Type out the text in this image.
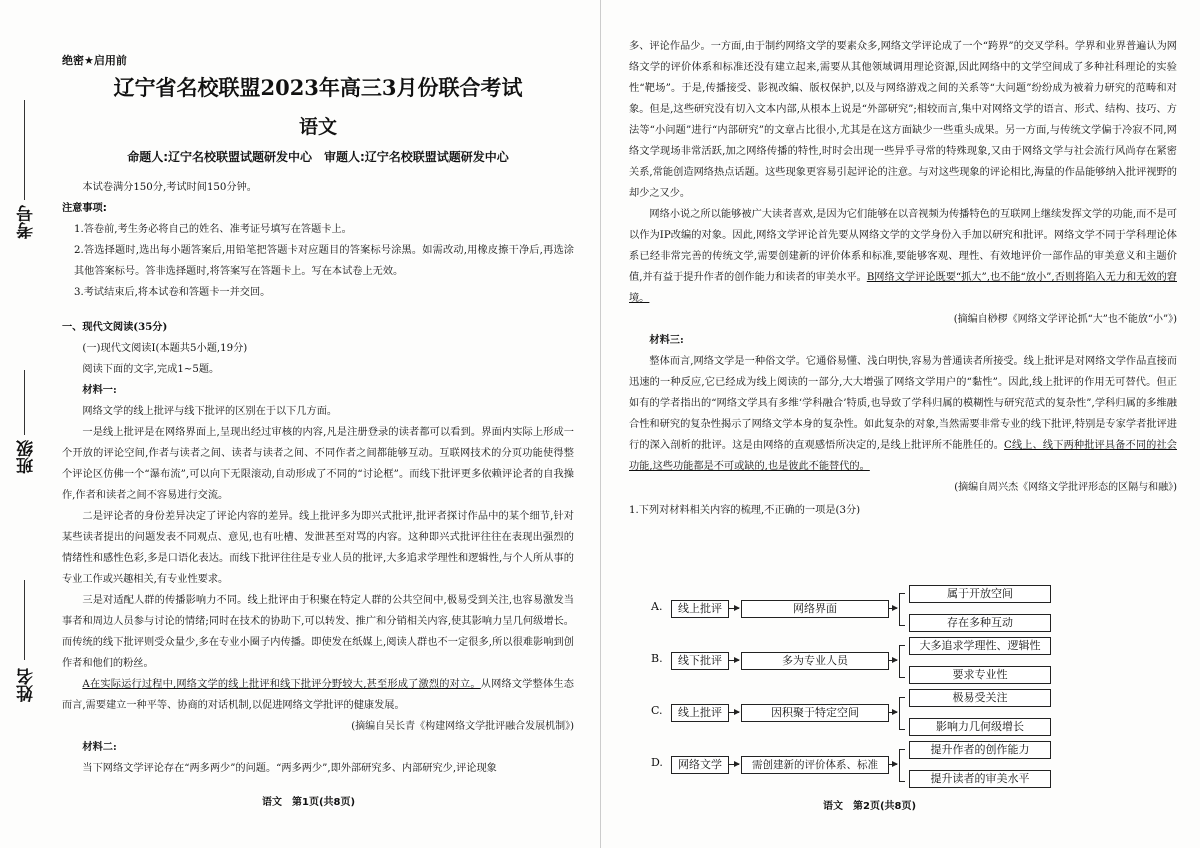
考号
班级
姓名
绝密★启用前
辽宁省名校联盟2023年高三3月份联合考试
语文
命题人:辽宁名校联盟试题研发中心　审题人:辽宁名校联盟试题研发中心
本试卷满分150分,考试时间150分钟。
注意事项:
1.答卷前,考生务必将自己的姓名、准考证号填写在答题卡上。
2.答选择题时,选出每小题答案后,用铅笔把答题卡对应题目的答案标号涂黑。如需改动,用橡皮擦干净后,再选涂其他答案标号。答非选择题时,将答案写在答题卡上。写在本试卷上无效。
3.考试结束后,将本试卷和答题卡一并交回。
一、现代文阅读(35分)
(一)现代文阅读Ⅰ(本题共5小题,19分)
阅读下面的文字,完成1~5题。
材料一:

网络文学的线上批评与线下批评的区别在于以下几方面。

一是线上批评是在网络界面上,呈现出经过审核的内容,凡是注册登录的读者都可以看到。界面内实际上形成一个开放的评论空间,作者与读者之间、读者与读者之间、不同作者之间都能够互动。互联网技术的分页功能使得整个评论区仿佛一个“瀑布流”,可以向下无限滚动,自动形成了不同的“讨论框”。而线下批评更多依赖评论者的自我操作,作者和读者之间不容易进行交流。

二是评论者的身份差异决定了评论内容的差异。线上批评多为即兴式批评,批评者探讨作品中的某个细节,针对某些读者提出的问题发表不同观点、意见,也有吐槽、发泄甚至对骂的内容。这种即兴式批评往往在表现出强烈的情绪性和感性色彩,多是口语化表达。而线下批评往往是专业人员的批评,大多追求学理性和逻辑性,与个人所从事的专业工作或兴趣相关,有专业性要求。

三是对适配人群的传播影响力不同。线上批评由于积聚在特定人群的公共空间中,极易受到关注,也容易激发当事者和周边人员参与讨论的情绪;同时在技术的协助下,可以转发、推广和分销相关内容,使其影响力呈几何级增长。而传统的线下批评则受众量少,多在专业小圈子内传播。即使发在纸媒上,阅读人群也不一定很多,所以很难影响到创作者和他们的粉丝。

A在实际运行过程中,网络文学的线上批评和线下批评分野较大,甚至形成了激烈的对立。从网络文学整体生态而言,需要建立一种平等、协商的对话机制,以促进网络文学批评的健康发展。

(摘编自吴长青《构建网络文学批评融合发展机制》)
材料二:

当下网络文学评论存在“两多两少”的问题。“两多两少”,即外部研究多、内部研究少,评论现象

语文　第1页(共8页)

多、评论作品少。一方面,由于制约网络文学的要素众多,网络文学评论成了一个“跨界”的交叉学科。学界和业界普遍认为网络文学的评价体系和标准还没有建立起来,需要从其他领域调用理论资源,因此网络中的文学空间成了多种社科理论的实验性“靶场”。于是,传播接受、影视改编、版权保护,以及与网络游戏之间的关系等“大问题”纷纷成为被着力研究的范畴和对象。但是,这些研究没有切入文本内部,从根本上说是“外部研究”;相较而言,集中对网络文学的语言、形式、结构、技巧、方法等“小问题”进行“内部研究”的文章占比很小,尤其是在这方面缺少一些重头成果。另一方面,与传统文学偏于冷寂不同,网络文学现场非常活跃,加之网络传播的特性,时时会出现一些异乎寻常的特殊现象,又由于网络文学与社会流行风尚存在紧密关系,常能创造网络热点话题。这些现象更容易引起评论的注意。与对这些现象的评论相比,海量的作品能够纳入批评视野的却少之又少。

网络小说之所以能够被广大读者喜欢,是因为它们能够在以音视频为传播特色的互联网上继续发挥文学的功能,而不是可以作为IP改编的对象。因此,网络文学评论首先要从网络文学的文学身份入手加以研究和批评。网络文学不同于学科理论体系已经非常完善的传统文学,需要创建新的评价体系和标准,要能够客观、理性、有效地评价一部作品的审美意义和主题价值,并有益于提升作者的创作能力和读者的审美水平。B网络文学评论既要“抓大”,也不能“放小”,否则将陷入无力和无效的窘境。

(摘编自桫椤《网络文学评论抓“大”也不能放“小”》)
材料三:

整体而言,网络文学是一种俗文学。它通俗易懂、浅白明快,容易为普通读者所接受。线上批评是对网络文学作品直接而迅速的一种反应,它已经成为线上阅读的一部分,大大增强了网络文学用户的“黏性”。因此,线上批评的作用无可替代。但正如有的学者指出的“网络文学具有多维‘学科融合’特质,也导致了学科归属的模糊性与研究范式的复杂性”,学科归属的多维融合性和研究的复杂性揭示了网络文学本身的复杂性。如此复杂的对象,当然需要非常专业的线下批评,特别是专家学者批评进行的深入剖析的批评。这是由网络的直观感悟所决定的,是线上批评所不能胜任的。C线上、线下两种批评具备不同的社会功能,这些功能都是不可或缺的,也是彼此不能替代的。

(摘编自周兴杰《网络文学批评形态的区隔与和融》)
1.下列对材料相关内容的梳理,不正确的一项是(3分)
A.	线上批评	网络界面
属于开放空间
存在多种互动
B.	线下批评	多为专业人员
大多追求学理性、逻辑性
要求专业性
C.	线上批评	因积聚于特定空间
极易受关注
影响力几何级增长
D.	网络文学	需创建新的评价体系、标准
提升作者的创作能力
提升读者的审美水平
语文　第2页(共8页)
